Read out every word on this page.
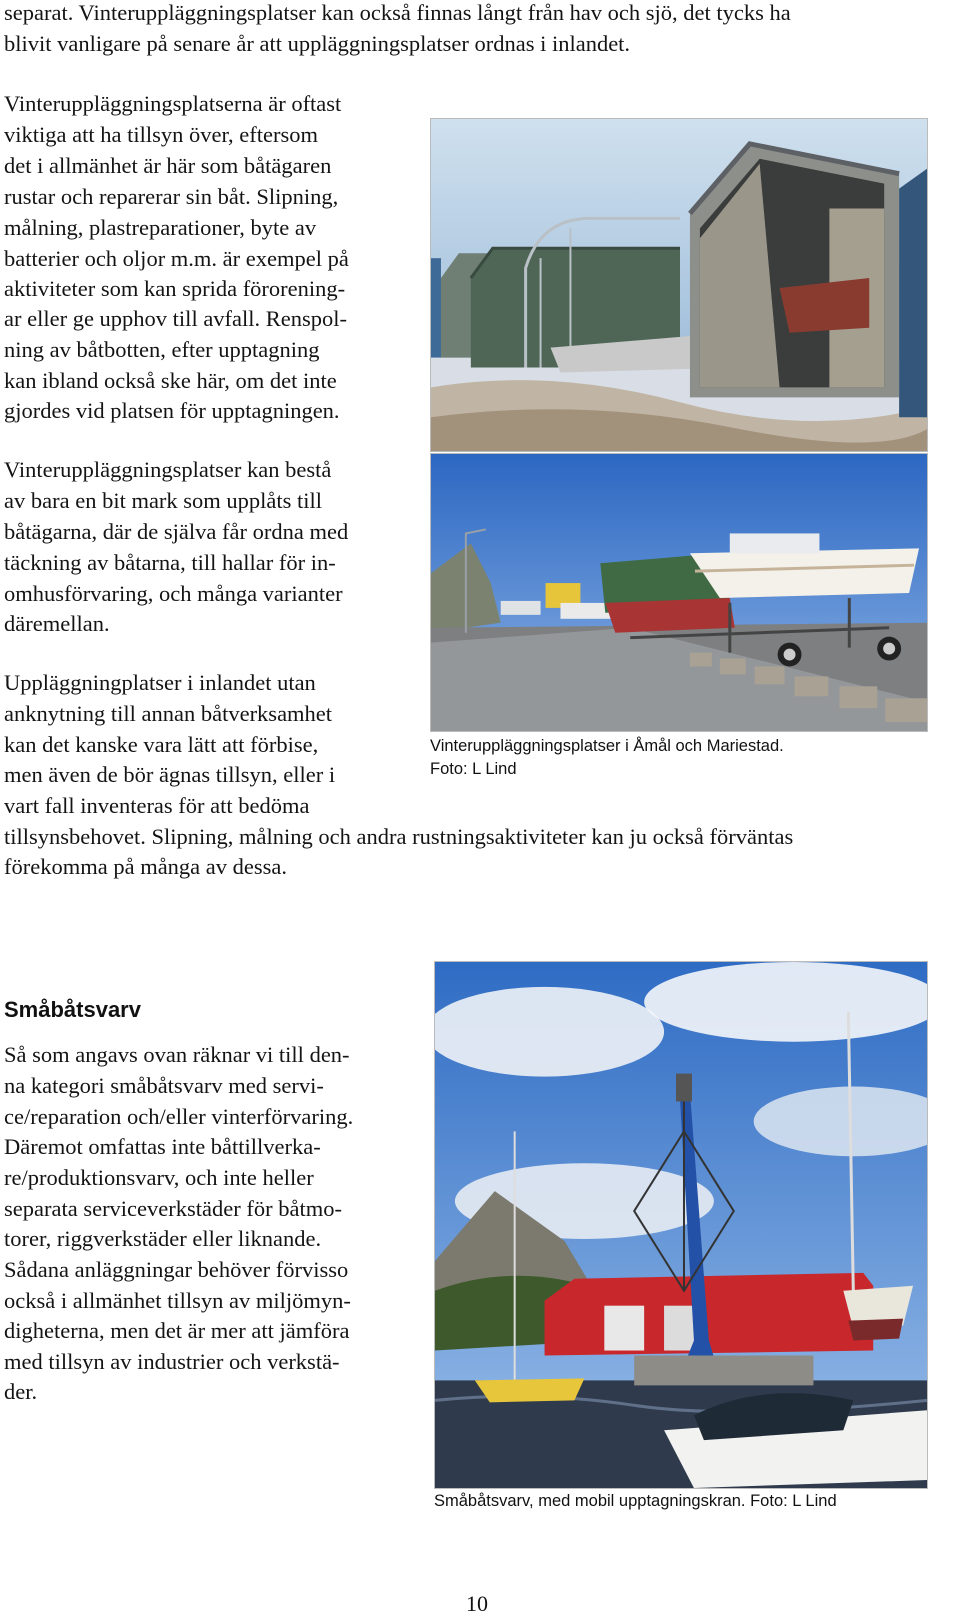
separat. Vinteruppläggningsplatser kan också finnas långt från hav och sjö, det tycks ha
blivit vanligare på senare år att uppläggningsplatser ordnas i inlandet.
Vinteruppläggningsplatserna är oftast
viktiga att ha tillsyn över, eftersom
det i allmänhet är här som båtägaren
rustar och reparerar sin båt. Slipning,
målning, plastreparationer, byte av
batterier och oljor m.m. är exempel på
aktiviteter som kan sprida förorening-
ar eller ge upphov till avfall. Renspol-
ning av båtbotten, efter upptagning
kan ibland också ske här, om det inte
gjordes vid platsen för upptagningen.
Vinteruppläggningsplatser kan bestå
av bara en bit mark som upplåts till
båtägarna, där de själva får ordna med
täckning av båtarna, till hallar för in-
omhusförvaring, och många varianter
däremellan.
Uppläggningplatser i inlandet utan
anknytning till annan båtverksamhet
kan det kanske vara lätt att förbise,
men även de bör ägnas tillsyn, eller i
vart fall inventeras för att bedöma
tillsynsbehovet. Slipning, målning och andra rustningsaktiviteter kan ju också förväntas
förekomma på många av dessa.
Vinteruppläggningsplatser i Åmål och Mariestad.
Foto: L Lind
Småbåtsvarv
Så som angavs ovan räknar vi till den-
na kategori småbåtsvarv med servi-
ce/reparation och/eller vinterförvaring.
Däremot omfattas inte båttillverka-
re/produktionsvarv, och inte heller
separata serviceverkstäder för båtmo-
torer, riggverkstäder eller liknande.
Sådana anläggningar behöver förvisso
också i allmänhet tillsyn av miljömyn-
digheterna, men det är mer att jämföra
med tillsyn av industrier och verkstä-
der.
Småbåtsvarv, med mobil upptagningskran. Foto: L Lind
10
